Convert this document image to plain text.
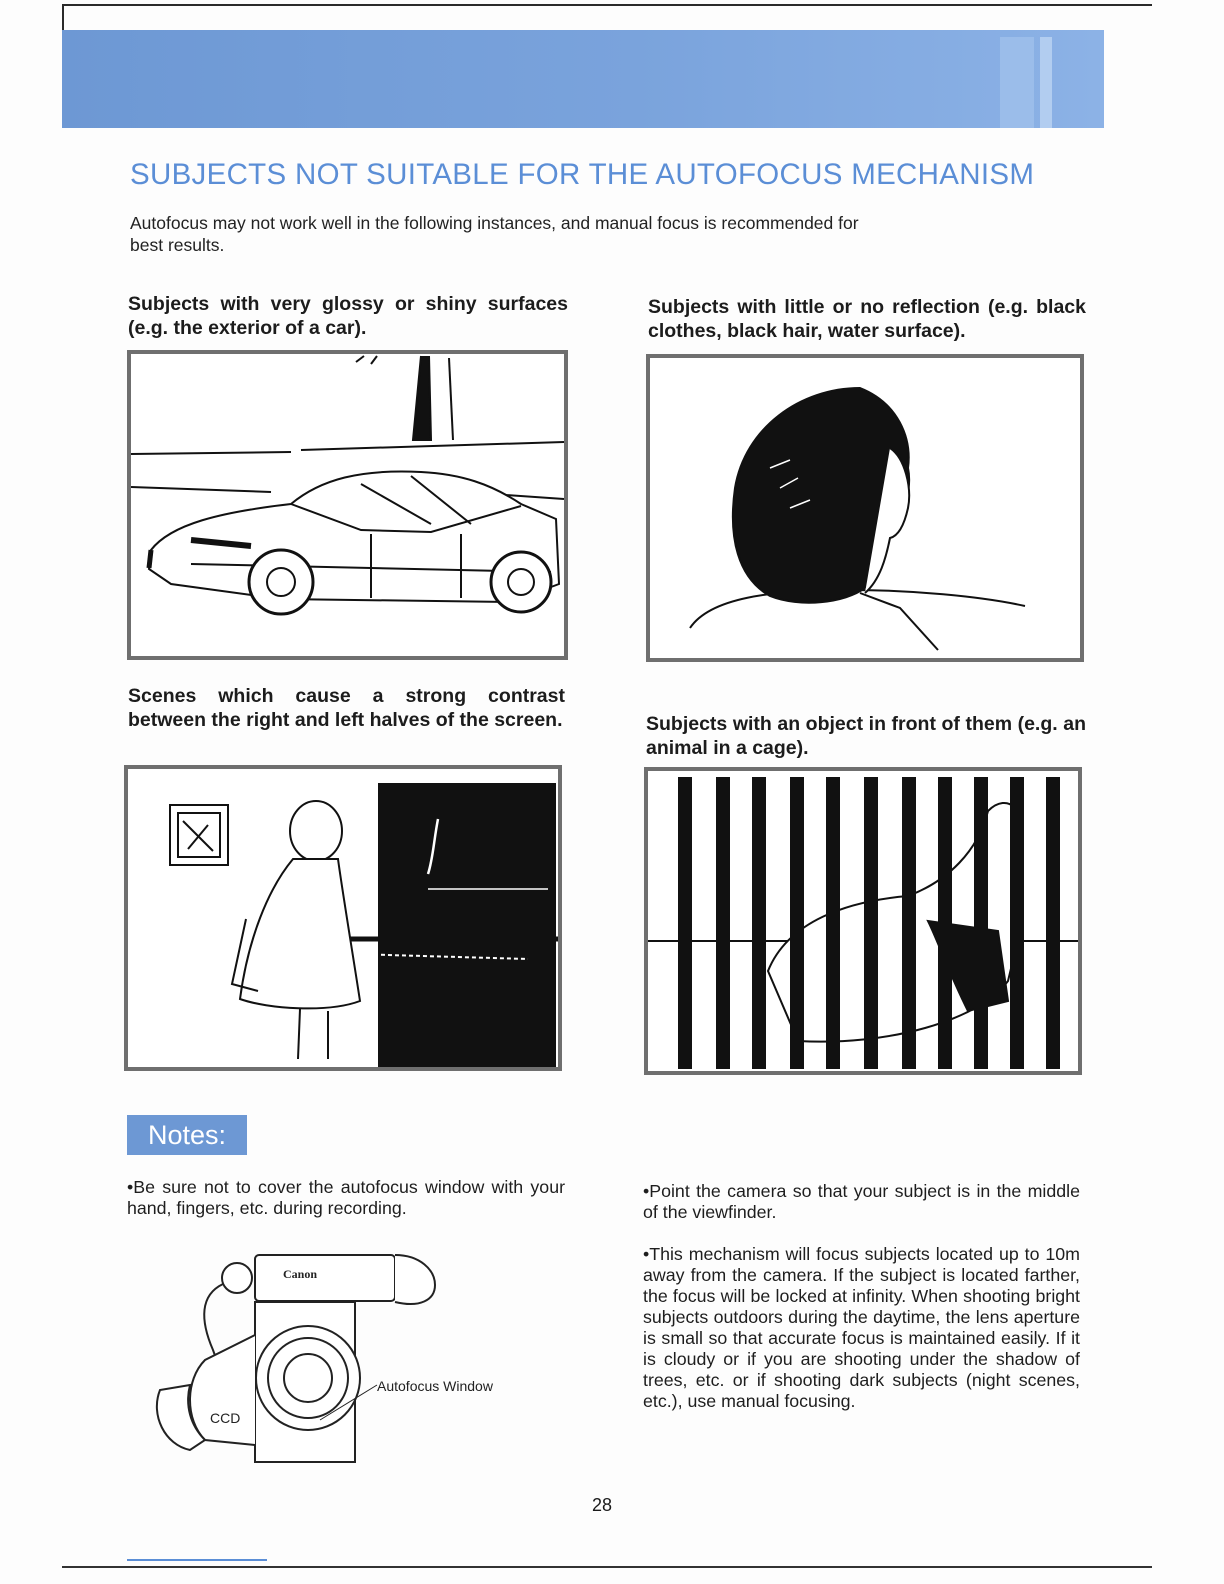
SUBJECTS NOT SUITABLE FOR THE AUTOFOCUS MECHANISM
Autofocus may not work well in the following instances, and manual focus is recommended for best results.
Subjects with very glossy or shiny surfaces (e.g. the exterior of a car).
Subjects with little or no reflection (e.g. black clothes, black hair, water surface).
Scenes which cause a strong contrast between the right and left halves of the screen.	Subjects with an object in front of them (e.g. an animal in a cage).
Notes:
•Be sure not to cover the autofocus window with your hand, fingers, etc. during recording.
•Point the camera so that your subject is in the middle of the viewfinder.
•This mechanism will focus subjects located up to 10m away from the camera. If the subject is located farther, the focus will be locked at infinity. When shooting bright subjects outdoors during the daytime, the lens aperture is small so that accurate focus is maintained easily. If it is cloudy or if you are shooting under the shadow of trees, etc. or if shooting dark subjects (night scenes, etc.), use manual focusing.
Canon
CCD
Autofocus Window
28
